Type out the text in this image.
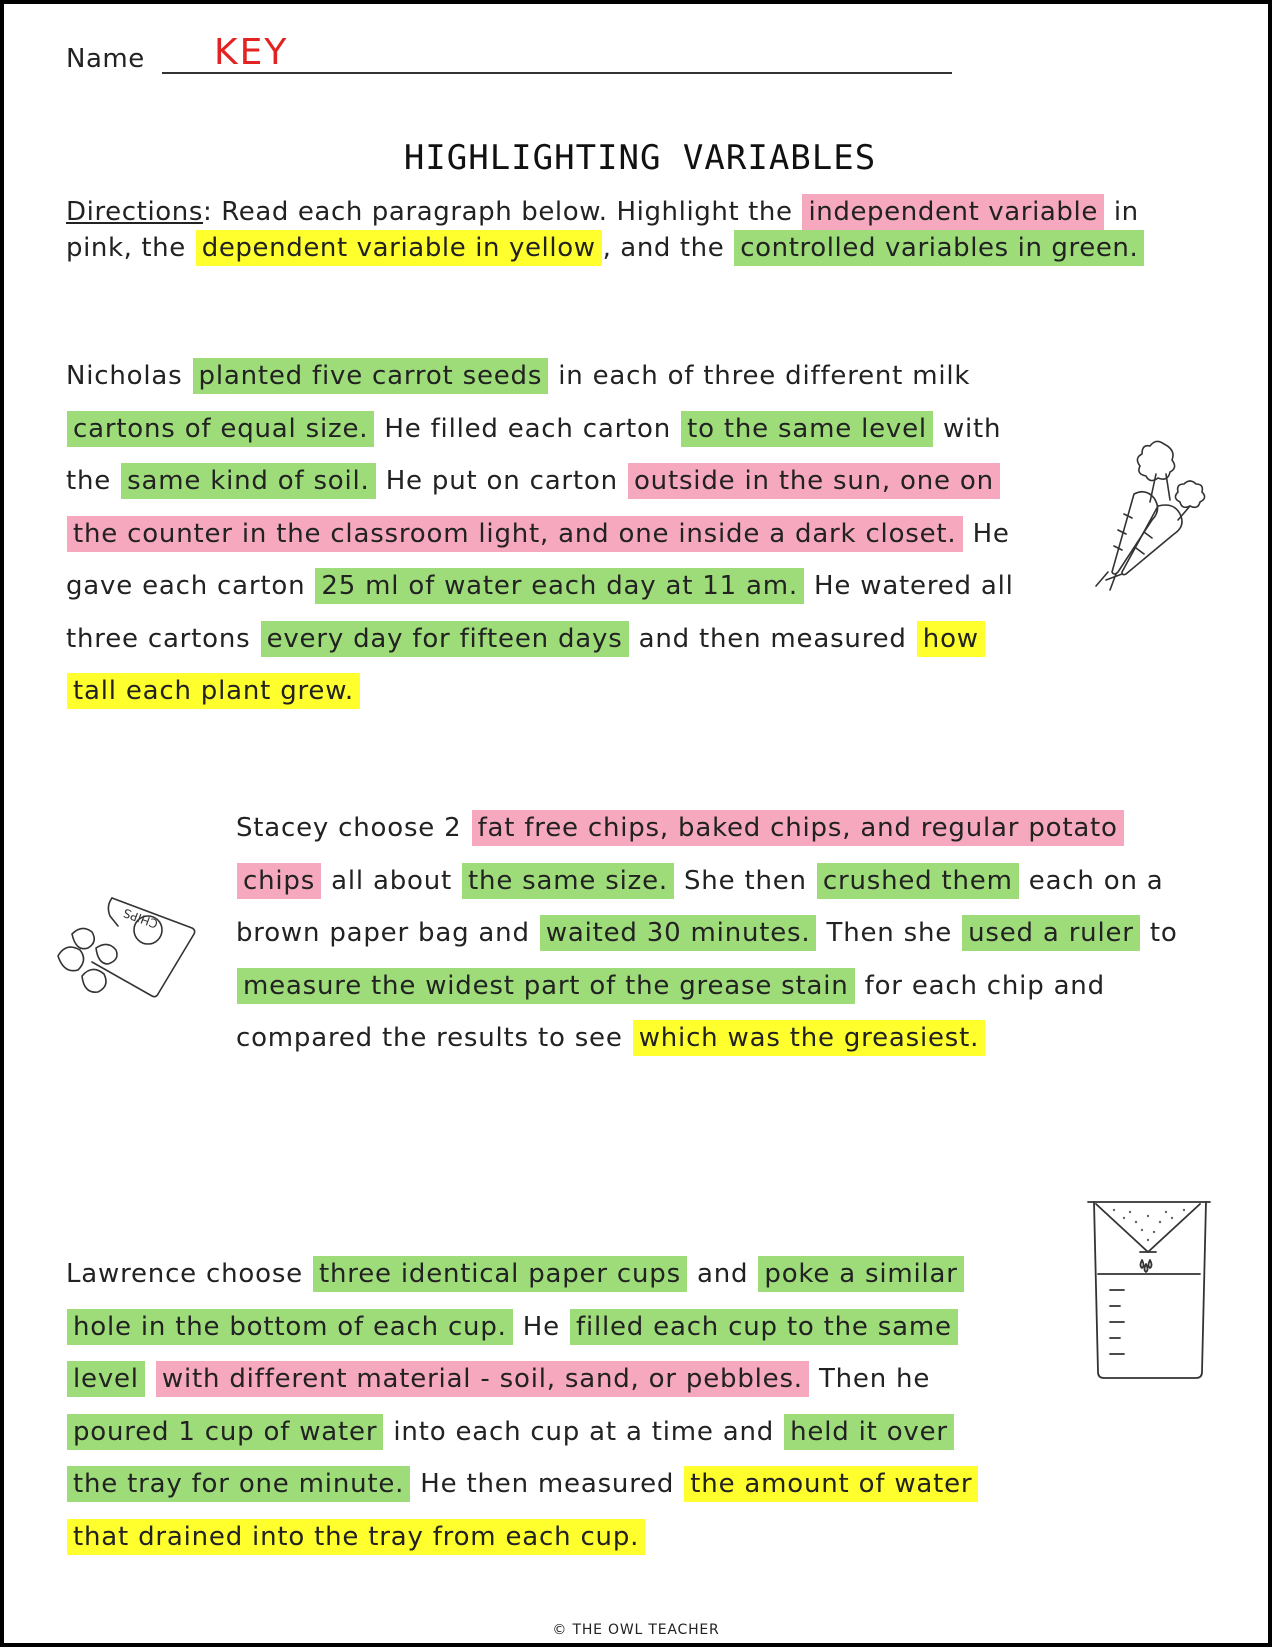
Name KEY
HIGHLIGHTING VARIABLES
Directions: Read each paragraph below. Highlight the independent variable in pink, the dependent variable in yellow , and the controlled variables in green.
Nicholas planted five carrot seeds in each of three different milk cartons of equal size. He filled each carton to the same level with the same kind of soil. He put on carton outside in the sun, one on the counter in the classroom light, and one inside a dark closet. He gave each carton 25 ml of water each day at 11 am. He watered all three cartons every day for fifteen days and then measured how tall each plant grew.
Stacey choose 2 fat free chips, baked chips, and regular potato chips all about the same size. She then crushed them each on a brown paper bag and waited 30 minutes. Then she used a ruler to measure the widest part of the grease stain for each chip and compared the results to see which was the greasiest.
Lawrence choose three identical paper cups and poke a similar hole in the bottom of each cup. He filled each cup to the same level with different material - soil, sand, or pebbles. Then he poured 1 cup of water into each cup at a time and held it over the tray for one minute. He then measured the amount of water that drained into the tray from each cup.
CHIPS
© THE OWL TEACHER
